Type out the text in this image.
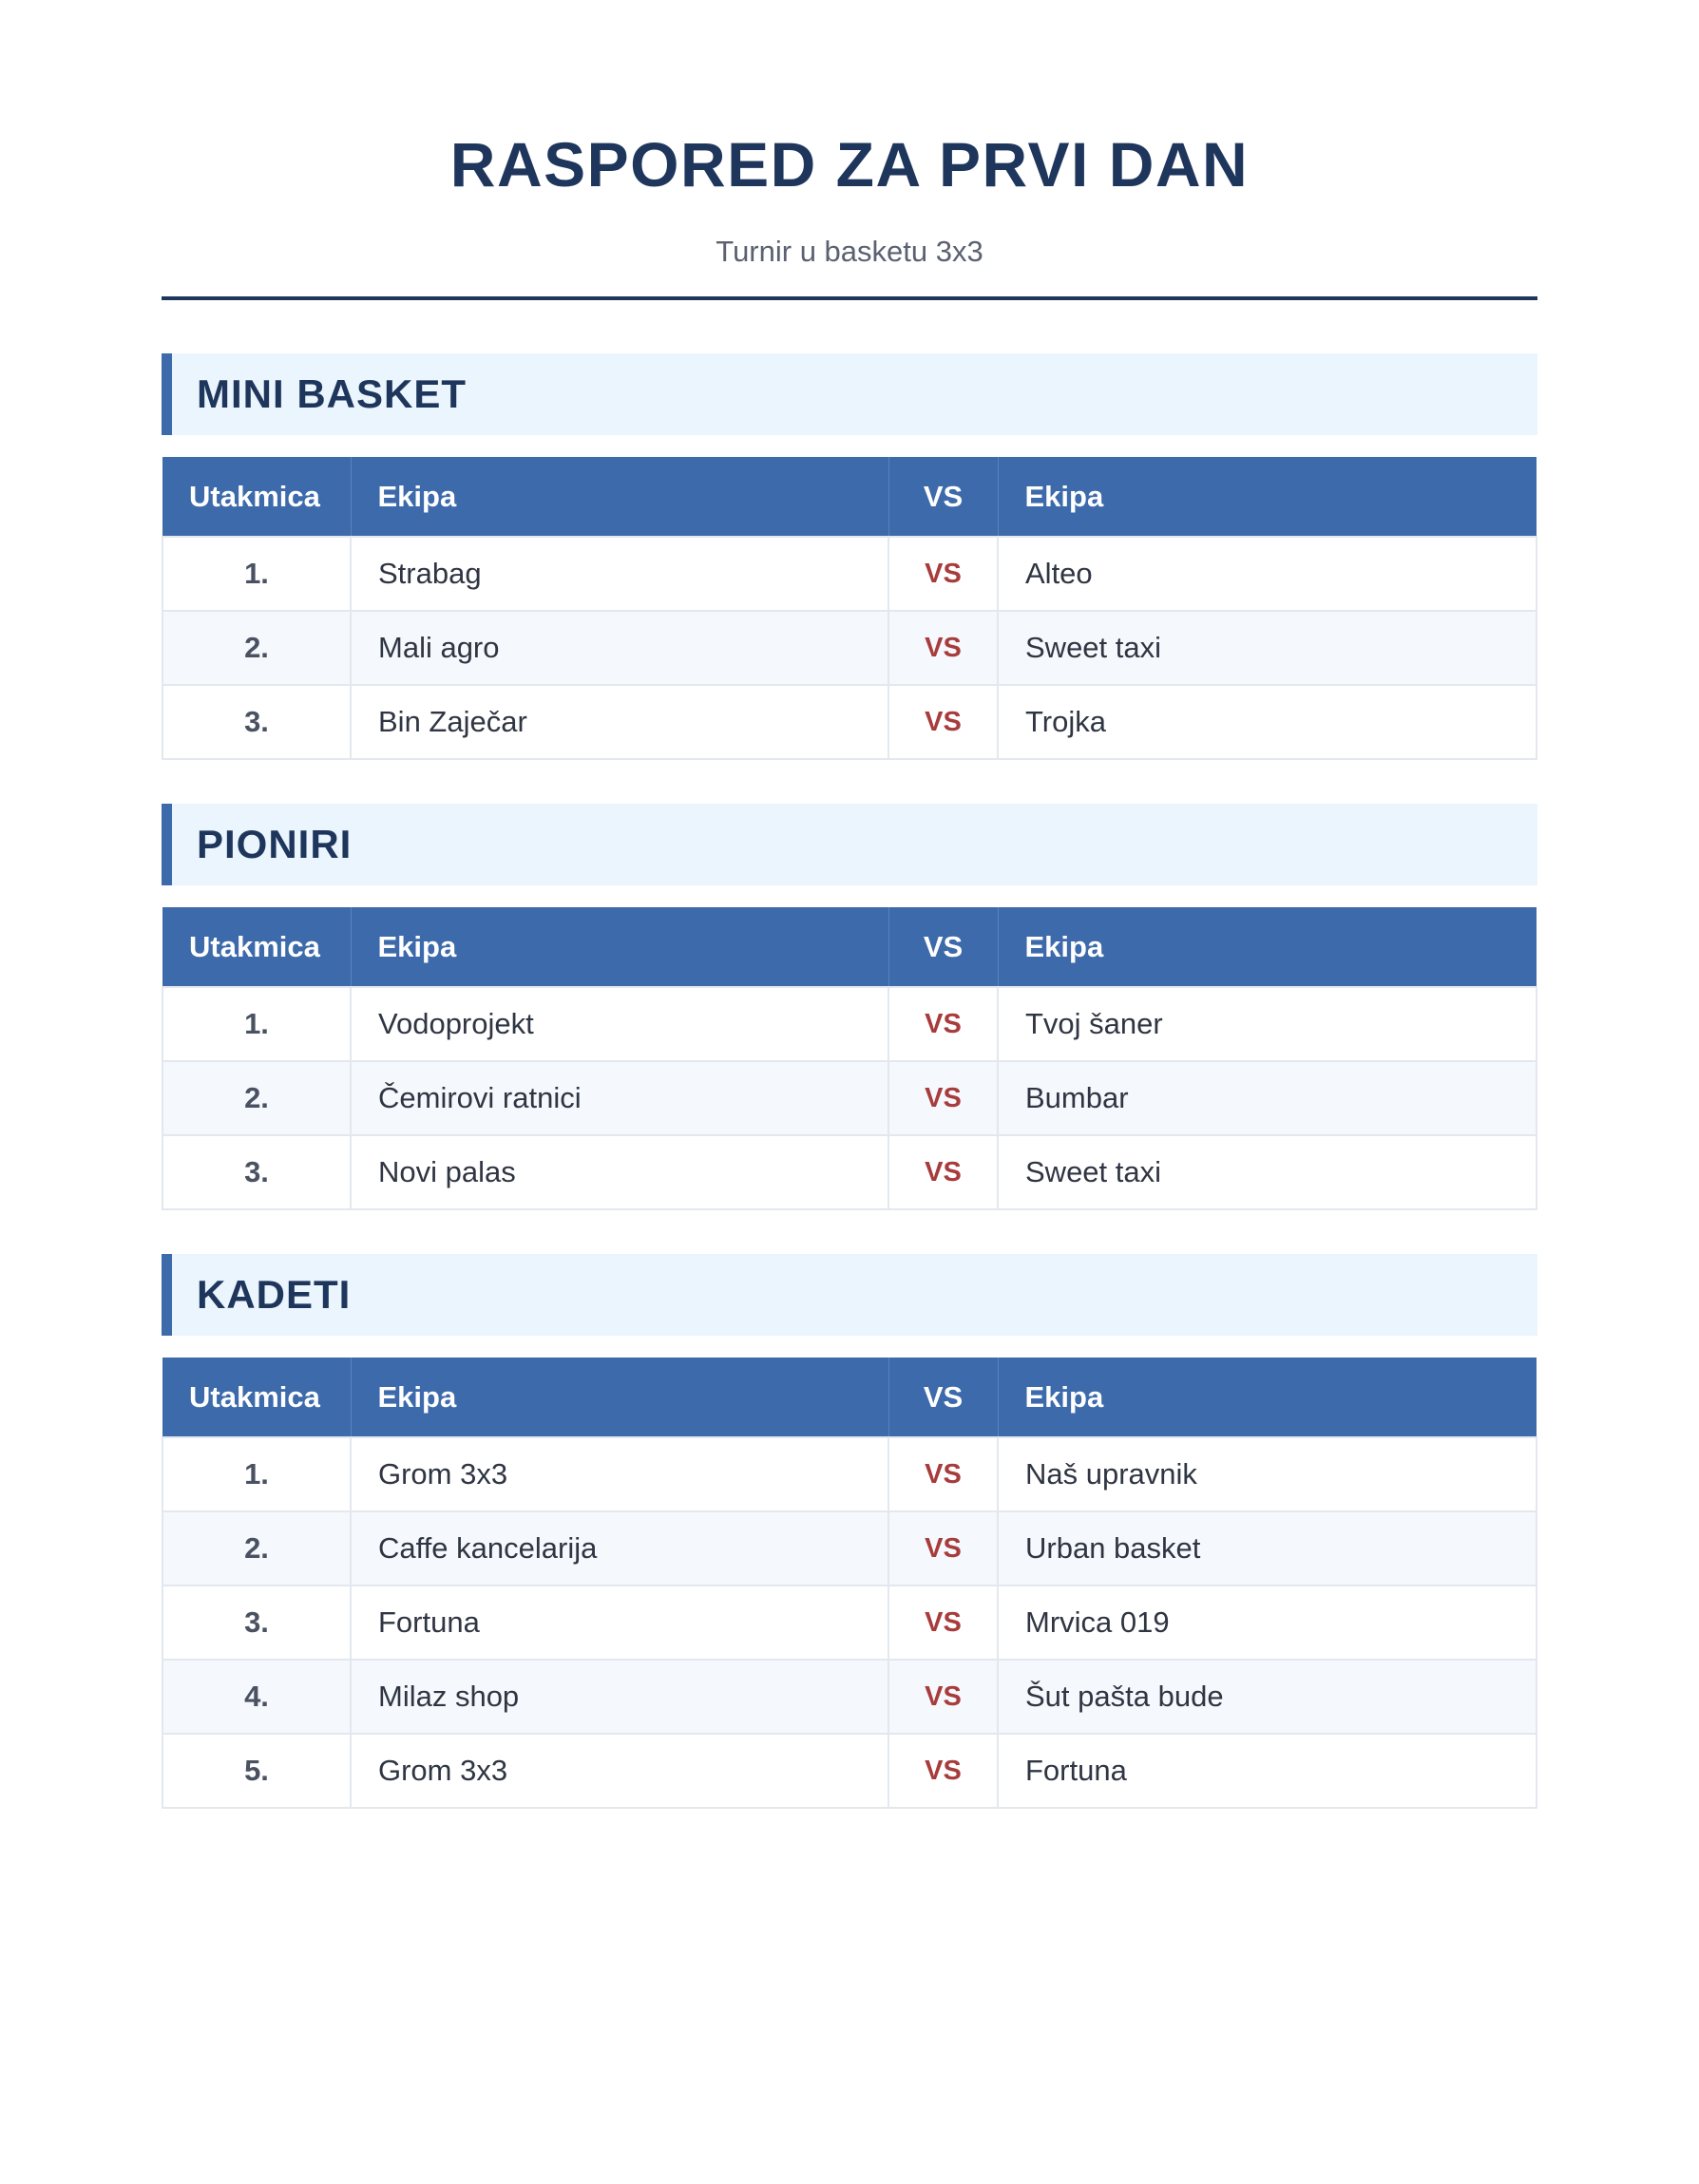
RASPORED ZA PRVI DAN
Turnir u basketu 3x3
MINI BASKET
Utakmica	Ekipa	VS	Ekipa
1.	Strabag	VS	Alteo
2.	Mali agro	VS	Sweet taxi
3.	Bin Zaječar	VS	Trojka
PIONIRI
Utakmica	Ekipa	VS	Ekipa
1.	Vodoprojekt	VS	Tvoj šaner
2.	Čemirovi ratnici	VS	Bumbar
3.	Novi palas	VS	Sweet taxi
KADETI
Utakmica	Ekipa	VS	Ekipa
1.	Grom 3x3	VS	Naš upravnik
2.	Caffe kancelarija	VS	Urban basket
3.	Fortuna	VS	Mrvica 019
4.	Milaz shop	VS	Šut pašta bude
5.	Grom 3x3	VS	Fortuna
